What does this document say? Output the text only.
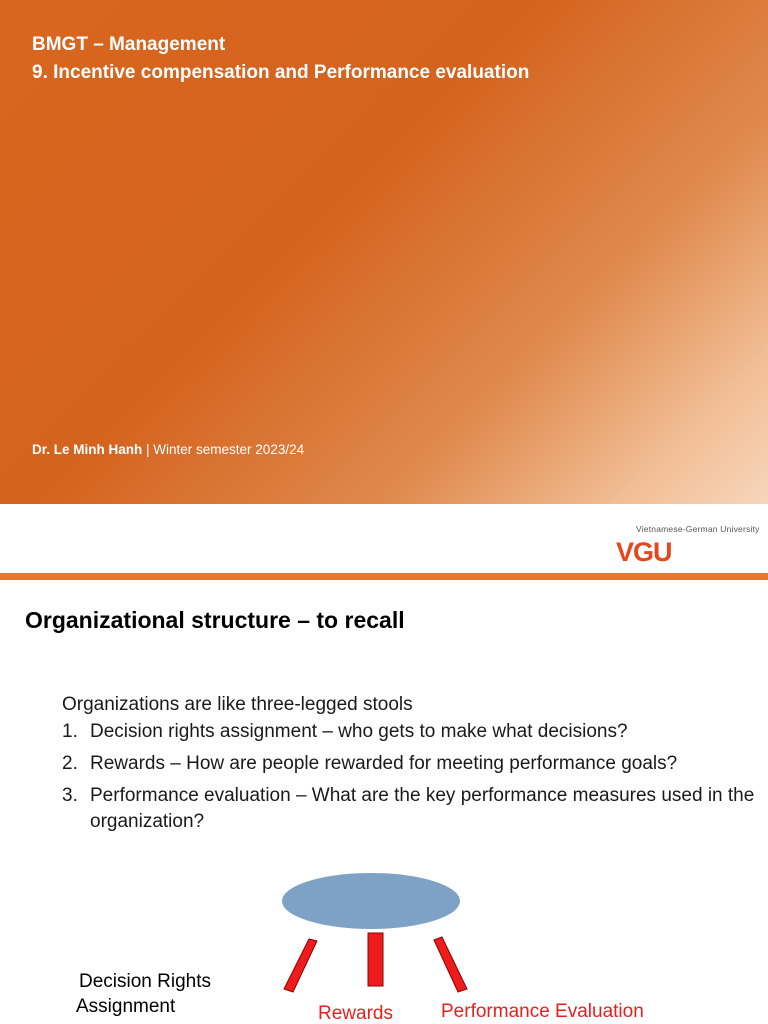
BMGT – Management
9. Incentive compensation and Performance evaluation
Dr. Le Minh Hanh | Winter semester 2023/24
Vietnamese-German University
VGU
Organizational structure – to recall
Organizations are like three-legged stools
1. Decision rights assignment – who gets to make what decisions?
2. Rewards – How are people rewarded for meeting performance goals?
3. Performance evaluation – What are the key performance measures used in the organization?
Decision Rights
Assignment	Rewards	Performance Evaluation
